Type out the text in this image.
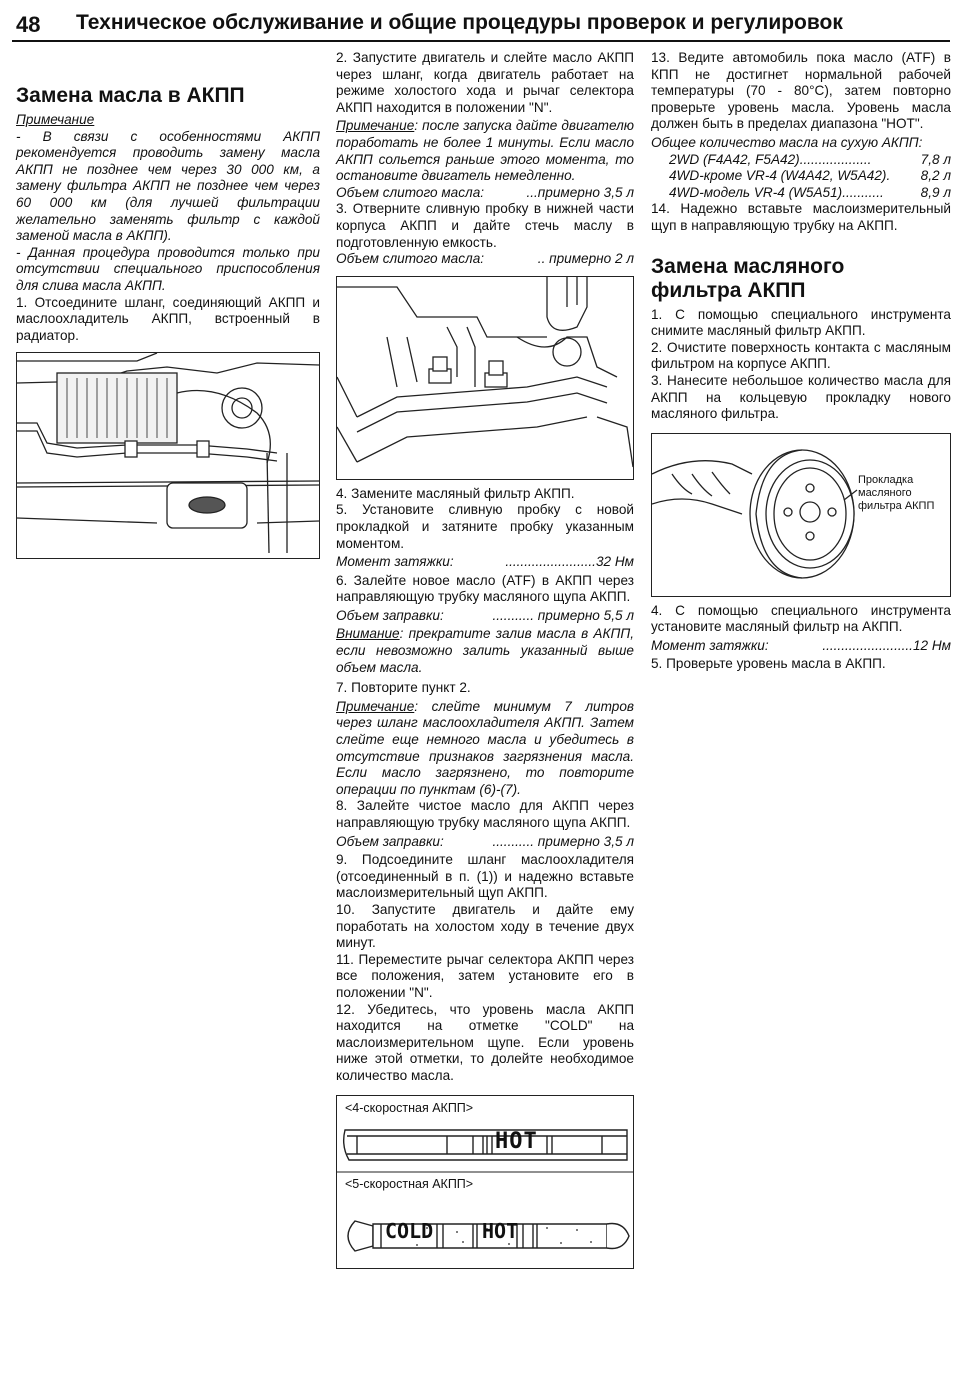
48 Техническое обслуживание и общие процедуры проверок и регулировок
Замена масла в АКПП

Примечание

- В связи с особенностями АКПП рекомендуется проводить замену масла АКПП не позднее чем через 30 000 км, а замену фильтра АКПП не позднее чем через 60 000 км (для лучшей фильтрации желательно заменять фильтр с каждой заменой масла в АКПП).

- Данная процедура проводится только при отсутствии специального приспособления для слива масла АКПП.

1. Отсоедините шланг, соединяющий АКПП и маслоохладитель АКПП, встроенный в радиатор.

2. Запустите двигатель и слейте масло АКПП через шланг, когда двигатель работает на режиме холостого хода и рычаг селектора АКПП находится в положении "N".

Примечание: после запуска дайте двигателю поработать не более 1 минуты. Если масло АКПП сольется раньше этого момента, то остановите двигатель немедленно.

Объем слитого масла:	...примерно 3,5 л

3. Отверните сливную пробку в нижней части корпуса АКПП и дайте стечь маслу в подготовленную емкость.

Объем слитого масла:	.. примерно 2 л

4. Замените масляный фильтр АКПП.

5. Установите сливную пробку с новой прокладкой и затяните пробку указанным моментом.

Момент затяжки:	........................32 Нм

6. Залейте новое масло (ATF) в АКПП через направляющую трубку масляного щупа АКПП.

Объем заправки:	........... примерно 5,5 л

Внимание: прекратите залив масла в АКПП, если невозможно залить указанный выше объем масла.

7. Повторите пункт 2.

Примечание: слейте минимум 7 литров через шланг маслоохладителя АКПП. Затем слейте еще немного масла и убедитесь в отсутствие признаков загрязнения масла. Если масло загрязнено, то повторите операции по пунктам (6)-(7).

8. Залейте чистое масло для АКПП через направляющую трубку масляного щупа АКПП.

Объем заправки:	........... примерно 3,5 л

9. Подсоедините шланг маслоохладителя (отсоединенный в п. (1)) и надежно вставьте маслоизмерительный щуп АКПП.

10. Запустите двигатель и дайте ему поработать на холостом ходу в течение двух минут.

11. Переместите рычаг селектора АКПП через все положения, затем установите его в положении "N".

12. Убедитесь, что уровень масла АКПП находится на отметке "COLD" на маслоизмерительном щупе. Если уровень ниже этой отметки, то долейте необходимое количество масла.

<4-скоростная АКПП>
HOT
<5-скоростная АКПП>
COLD HOT

13. Ведите автомобиль пока масло (ATF) в КПП не достигнет нормальной рабочей температуры (70 - 80°C), затем повторно проверьте уровень масла. Уровень масла должен быть в пределах диапазона "HOT".

Общее количество масла на сухую АКПП:

2WD (F4A42, F5A42) ...................	7,8 л
4WD-кроме VR-4 (W4A42, W5A42) .	8,2 л
4WD-модель VR-4 (W5A51) ...........	8,9 л

14. Надежно вставьте маслоизмерительный щуп в направляющую трубку на АКПП.

Замена масляного фильтра АКПП

1. С помощью специального инструмента снимите масляный фильтр АКПП.

2. Очистите поверхность контакта с масляным фильтром на корпусе АКПП.

3. Нанесите небольшое количество масла для АКПП на кольцевую прокладку нового масляного фильтра.

Прокладка масляного фильтра АКПП

4. С помощью специального инструмента установите масляный фильтр на АКПП.

Момент затяжки:	........................12 Нм

5. Проверьте уровень масла в АКПП.
